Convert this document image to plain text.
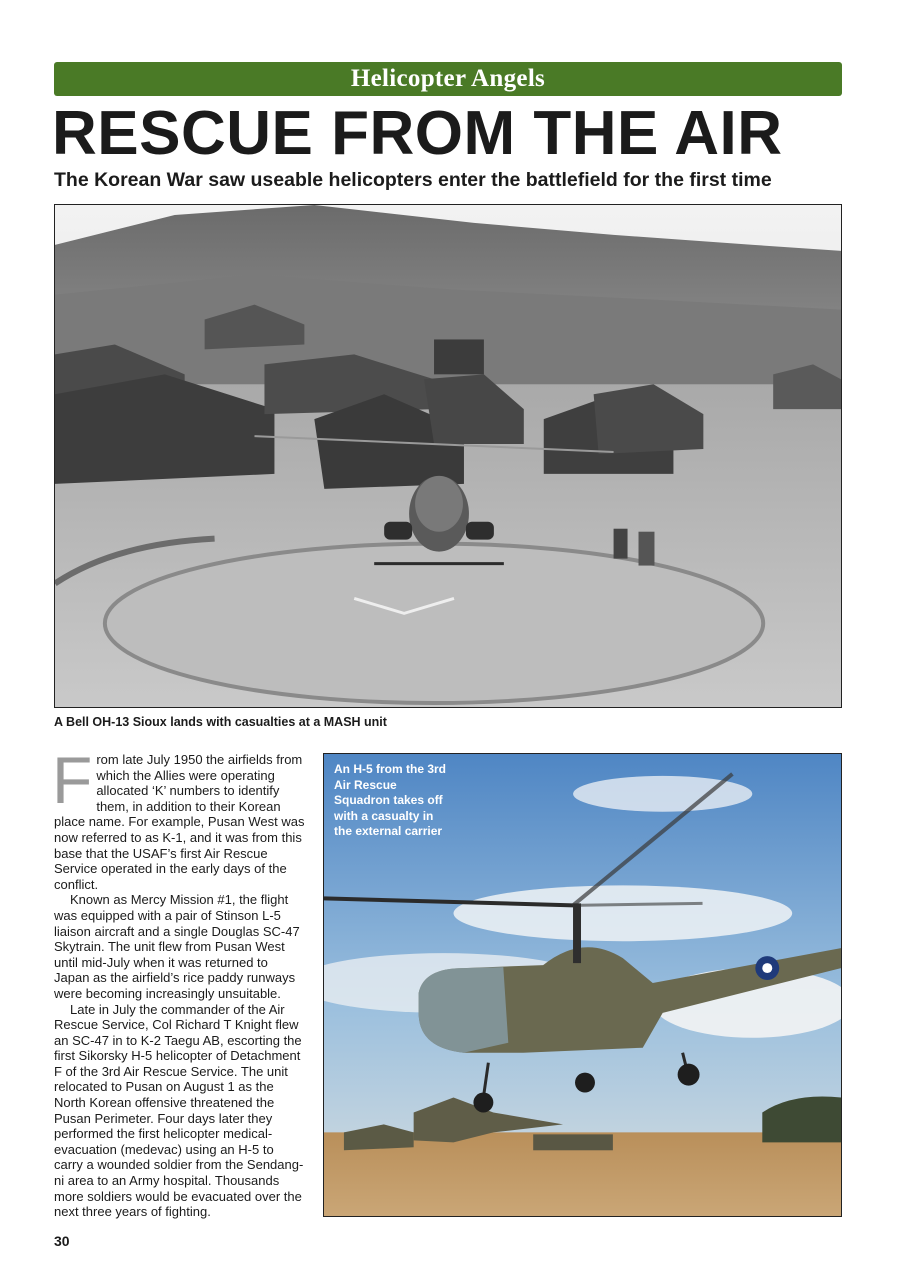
Helicopter Angels
RESCUE FROM THE AIR
The Korean War saw useable helicopters enter the battlefield for the first time

A Bell OH-13 Sioux lands with casualties at a MASH unit

From late July 1950 the airfields from which the Allies were operating allocated ‘K’ numbers to identify them, in addition to their Korean place name. For example, Pusan West was now referred to as K-1, and it was from this base that the USAF’s first Air Rescue Service operated in the early days of the conflict.

Known as Mercy Mission #1, the flight was equipped with a pair of Stinson L-5 liaison aircraft and a single Douglas SC-47 Skytrain. The unit flew from Pusan West until mid-July when it was returned to Japan as the airfield’s rice paddy runways were becoming increasingly unsuitable.

Late in July the commander of the Air Rescue Service, Col Richard T Knight flew an SC-47 in to K-2 Taegu AB, escorting the first Sikorsky H-5 helicopter of Detachment F of the 3rd Air Rescue Service. The unit relocated to Pusan on August 1 as the North Korean offensive threatened the Pusan Perimeter. Four days later they performed the first helicopter medical-evacuation (medevac) using an H-5 to carry a wounded soldier from the Sendang-ni area to an Army hospital. Thousands more soldiers would be evacuated over the next three years of fighting.

An H-5 from the 3rd Air Rescue Squadron takes off with a casualty in the external carrier

30
